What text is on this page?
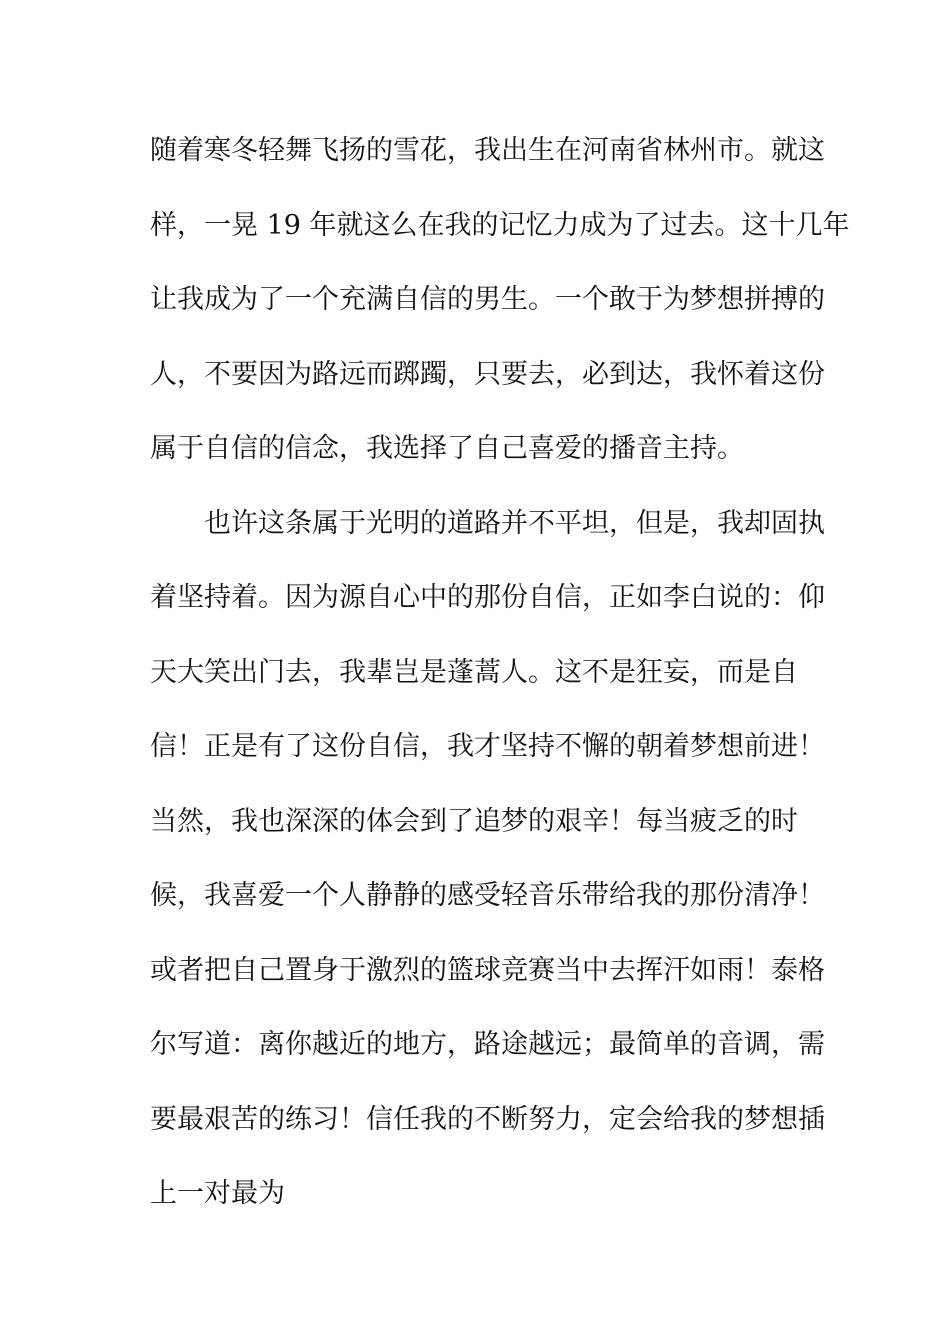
随着寒冬轻舞飞扬的雪花，我出生在河南省林州市。就这
样，一晃 19 年就这么在我的记忆力成为了过去。这十几年
让我成为了一个充满自信的男生。一个敢于为梦想拼搏的
人，不要因为路远而踯躅，只要去，必到达，我怀着这份
属于自信的信念，我选择了自己喜爱的播音主持。
也许这条属于光明的道路并不平坦，但是，我却固执
着坚持着。因为源自心中的那份自信，正如李白说的：仰
天大笑出门去，我辈岂是蓬蒿人。这不是狂妄，而是自
信！正是有了这份自信，我才坚持不懈的朝着梦想前进！
当然，我也深深的体会到了追梦的艰辛！每当疲乏的时
候，我喜爱一个人静静的感受轻音乐带给我的那份清净！
或者把自己置身于激烈的篮球竞赛当中去挥汗如雨！泰格
尔写道：离你越近的地方，路途越远；最简单的音调，需
要最艰苦的练习！信任我的不断努力，定会给我的梦想插
上一对最为
